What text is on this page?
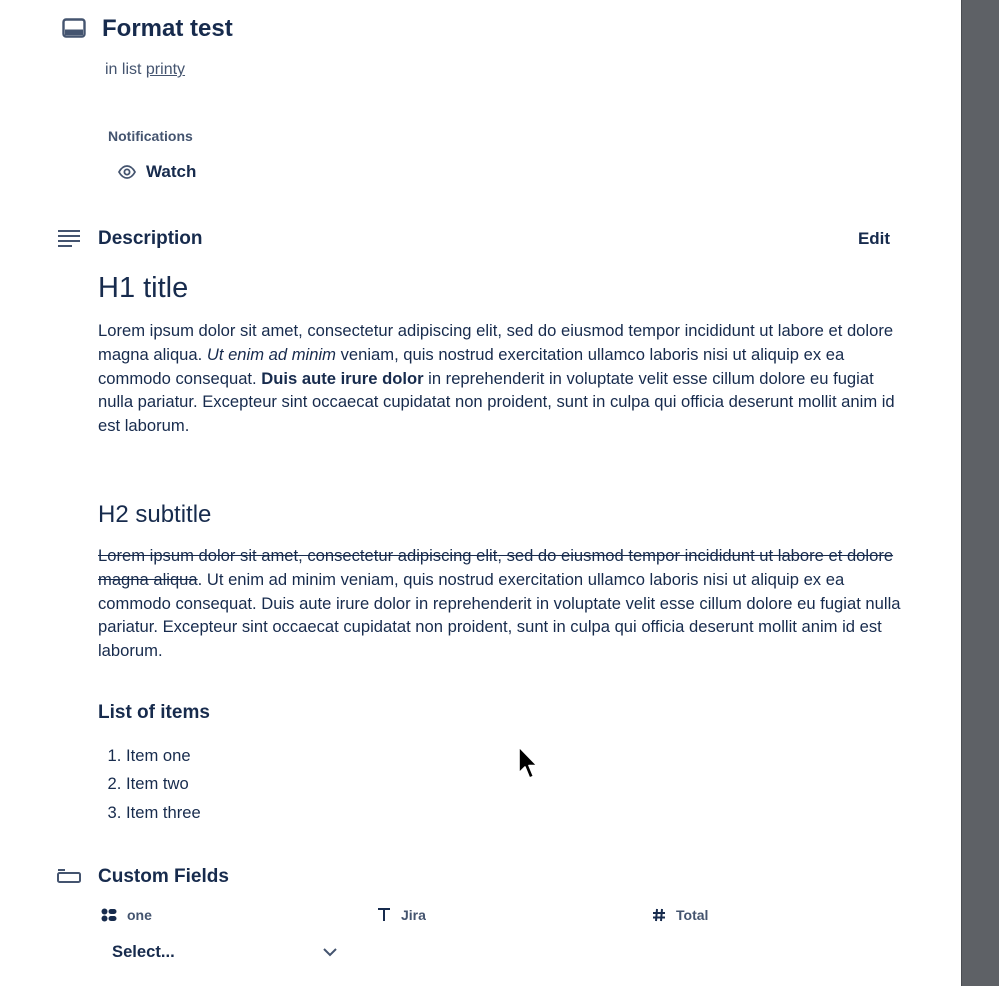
Format test
in list printy
Notifications
Watch
Description	Edit
H1 title

Lorem ipsum dolor sit amet, consectetur adipiscing elit, sed do eiusmod tempor incididunt ut labore et dolore magna aliqua. Ut enim ad minim veniam, quis nostrud exercitation ullamco laboris nisi ut aliquip ex ea commodo consequat. Duis aute irure dolor in reprehenderit in voluptate velit esse cillum dolore eu fugiat nulla pariatur. Excepteur sint occaecat cupidatat non proident, sunt in culpa qui officia deserunt mollit anim id est laborum.

H2 subtitle

Lorem ipsum dolor sit amet, consectetur adipiscing elit, sed do eiusmod tempor incididunt ut labore et dolore magna aliqua. Ut enim ad minim veniam, quis nostrud exercitation ullamco laboris nisi ut aliquip ex ea commodo consequat. Duis aute irure dolor in reprehenderit in voluptate velit esse cillum dolore eu fugiat nulla pariatur. Excepteur sint occaecat cupidatat non proident, sunt in culpa qui officia deserunt mollit anim id est laborum.

List of items
1. Item one
2. Item two
3. Item three
Custom Fields
one	Jira	Total
Select...
